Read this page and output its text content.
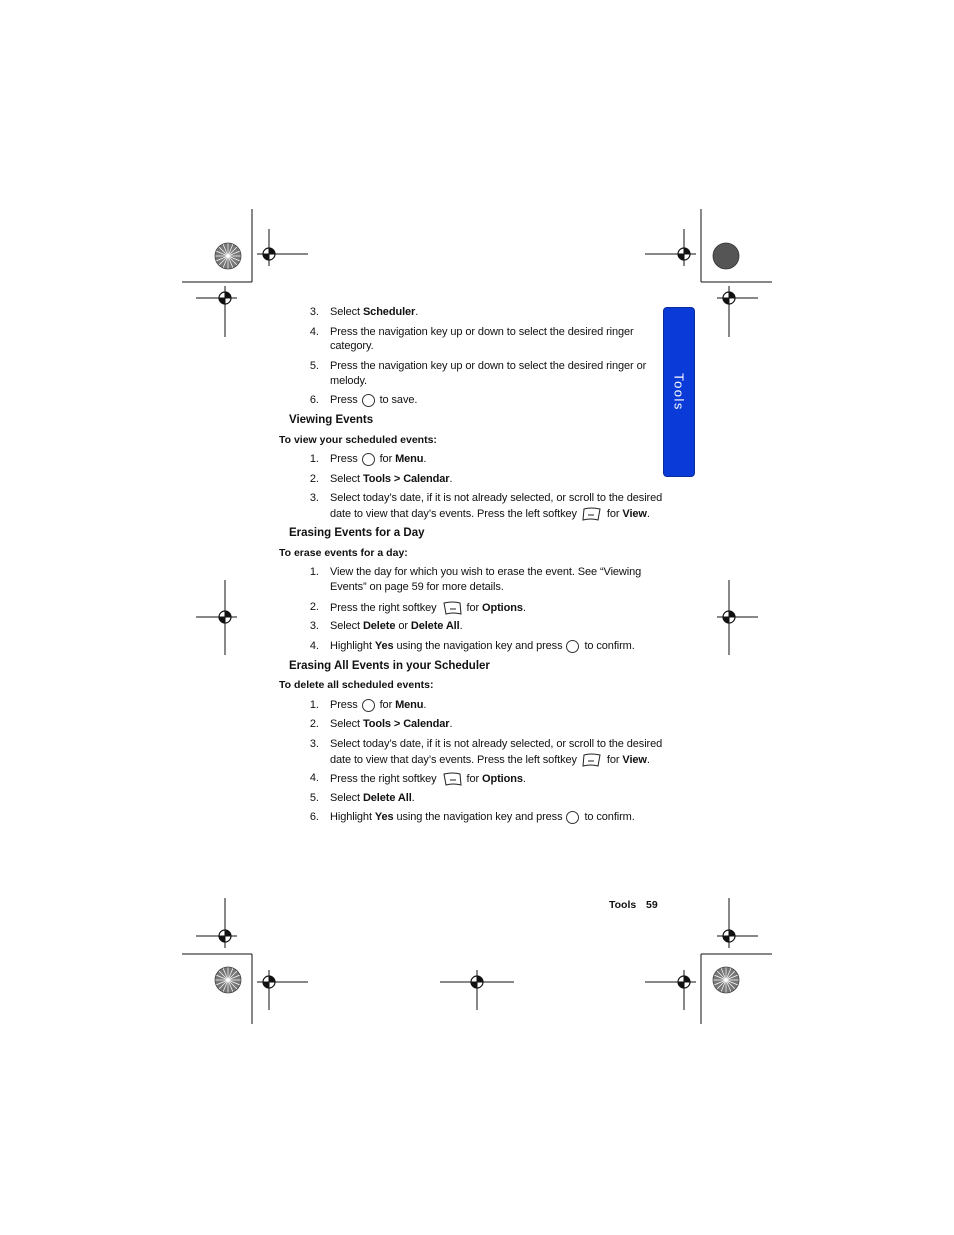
Tools
3. Select Scheduler.
4. Press the navigation key up or down to select the desired ringer
category.
5. Press the navigation key up or down to select the desired ringer or
melody.
6. Press to save.
Viewing Events
To view your scheduled events:
1. Press for Menu.
2. Select Tools > Calendar.
3. Select today’s date, if it is not already selected, or scroll to the desired
date to view that day’s events. Press the left softkey	for View.
Erasing Events for a Day
To erase events for a day:
1. View the day for which you wish to erase the event. See “Viewing
Events” on page 59 for more details.
2. Press the right softkey	for Options.
3. Select Delete or Delete All.
4. Highlight Yes using the navigation key and press to confirm.
Erasing All Events in your Scheduler
To delete all scheduled events:
1. Press for Menu.
2. Select Tools > Calendar.
3. Select today’s date, if it is not already selected, or scroll to the desired
date to view that day’s events. Press the left softkey	for View.
4. Press the right softkey	for Options.
5. Select Delete All.
6. Highlight Yes using the navigation key and press to confirm.
Tools 59
